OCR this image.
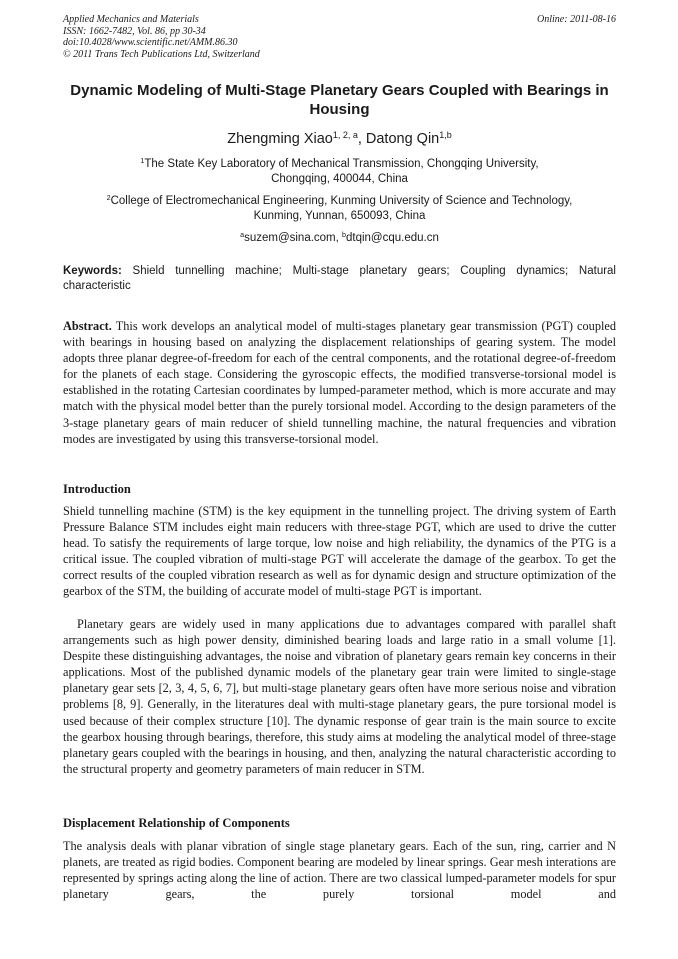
Applied Mechanics and Materials
ISSN: 1662-7482, Vol. 86, pp 30-34
doi:10.4028/www.scientific.net/AMM.86.30
© 2011 Trans Tech Publications Ltd, Switzerland
Online: 2011-08-16
Dynamic Modeling of Multi-Stage Planetary Gears Coupled with Bearings in Housing
Zhengming Xiao$^{1, 2, a}$, Datong Qin$^{1,b}$
$^1$The State Key Laboratory of Mechanical Transmission, Chongqing University,
Chongqing, 400044, China
$^2$College of Electromechanical Engineering, Kunming University of Science and Technology,
Kunming, Yunnan, 650093, China
$^a$suzem@sina.com, $^b$dtqin@cqu.edu.cn
Keywords: Shield tunnelling machine; Multi-stage planetary gears; Coupling dynamics; Natural characteristic
Abstract. This work develops an analytical model of multi-stages planetary gear transmission (PGT) coupled with bearings in housing based on analyzing the displacement relationships of gearing system. The model adopts three planar degree-of-freedom for each of the central components, and the rotational degree-of-freedom for the planets of each stage. Considering the gyroscopic effects, the modified transverse-torsional model is established in the rotating Cartesian coordinates by lumped-parameter method, which is more accurate and may match with the physical model better than the purely torsional model. According to the design parameters of the 3-stage planetary gears of main reducer of shield tunnelling machine, the natural frequencies and vibration modes are investigated by using this transverse-torsional model.
Introduction
Shield tunnelling machine (STM) is the key equipment in the tunnelling project. The driving system of Earth Pressure Balance STM includes eight main reducers with three-stage PGT, which are used to drive the cutter head. To satisfy the requirements of large torque, low noise and high reliability, the dynamics of the PTG is a critical issue. The coupled vibration of multi-stage PGT will accelerate the damage of the gearbox. To get the correct results of the coupled vibration research as well as for dynamic design and structure optimization of the gearbox of the STM, the building of accurate model of multi-stage PGT is important.
Planetary gears are widely used in many applications due to advantages compared with parallel shaft arrangements such as high power density, diminished bearing loads and large ratio in a small volume [1]. Despite these distinguishing advantages, the noise and vibration of planetary gears remain key concerns in their applications. Most of the published dynamic models of the planetary gear train were limited to single-stage planetary gear sets [2, 3, 4, 5, 6, 7], but multi-stage planetary gears often have more serious noise and vibration problems [8, 9]. Generally, in the literatures deal with multi-stage planetary gears, the pure torsional model is used because of their complex structure [10]. The dynamic response of gear train is the main source to excite the gearbox housing through bearings, therefore, this study aims at modeling the analytical model of three-stage planetary gears coupled with the bearings in housing, and then, analyzing the natural characteristic according to the structural property and geometry parameters of main reducer in STM.
Displacement Relationship of Components
The analysis deals with planar vibration of single stage planetary gears. Each of the sun, ring, carrier and N planets, are treated as rigid bodies. Component bearing are modeled by linear springs. Gear mesh interations are represented by springs acting along the line of action. There are two classical lumped-parameter models for spur planetary gears, the purely torsional model and
